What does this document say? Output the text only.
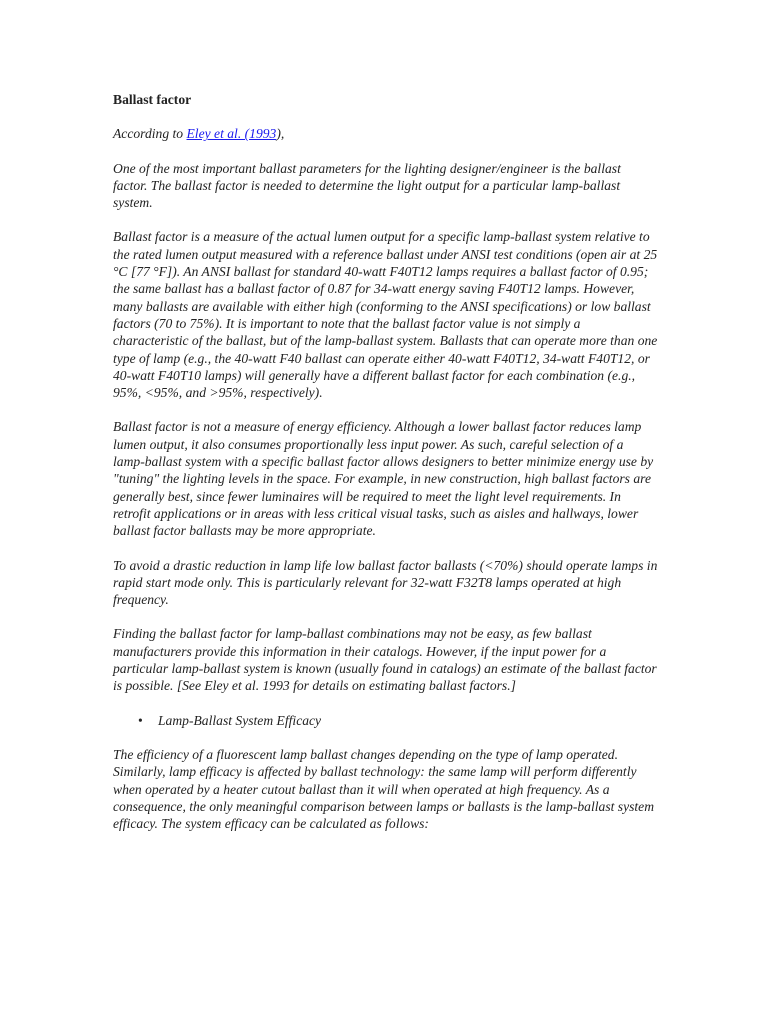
Ballast factor
According to Eley et al. (1993),
One of the most important ballast parameters for the lighting designer/engineer is the ballast factor. The ballast factor is needed to determine the light output for a particular lamp-ballast system.
Ballast factor is a measure of the actual lumen output for a specific lamp-ballast system relative to the rated lumen output measured with a reference ballast under ANSI test conditions (open air at 25 °C [77 °F]). An ANSI ballast for standard 40-watt F40T12 lamps requires a ballast factor of 0.95; the same ballast has a ballast factor of 0.87 for 34-watt energy saving F40T12 lamps. However, many ballasts are available with either high (conforming to the ANSI specifications) or low ballast factors (70 to 75%). It is important to note that the ballast factor value is not simply a characteristic of the ballast, but of the lamp-ballast system. Ballasts that can operate more than one type of lamp (e.g., the 40-watt F40 ballast can operate either 40-watt F40T12, 34-watt F40T12, or 40-watt F40T10 lamps) will generally have a different ballast factor for each combination (e.g., 95%, <95%, and >95%, respectively).
Ballast factor is not a measure of energy efficiency. Although a lower ballast factor reduces lamp lumen output, it also consumes proportionally less input power. As such, careful selection of a lamp-ballast system with a specific ballast factor allows designers to better minimize energy use by "tuning" the lighting levels in the space. For example, in new construction, high ballast factors are generally best, since fewer luminaires will be required to meet the light level requirements. In retrofit applications or in areas with less critical visual tasks, such as aisles and hallways, lower ballast factor ballasts may be more appropriate.
To avoid a drastic reduction in lamp life low ballast factor ballasts (<70%) should operate lamps in rapid start mode only. This is particularly relevant for 32-watt F32T8 lamps operated at high frequency.
Finding the ballast factor for lamp-ballast combinations may not be easy, as few ballast manufacturers provide this information in their catalogs. However, if the input power for a particular lamp-ballast system is known (usually found in catalogs) an estimate of the ballast factor is possible. [See Eley et al. 1993 for details on estimating ballast factors.]
• Lamp-Ballast System Efficacy
The efficiency of a fluorescent lamp ballast changes depending on the type of lamp operated. Similarly, lamp efficacy is affected by ballast technology: the same lamp will perform differently when operated by a heater cutout ballast than it will when operated at high frequency. As a consequence, the only meaningful comparison between lamps or ballasts is the lamp-ballast system efficacy. The system efficacy can be calculated as follows:
